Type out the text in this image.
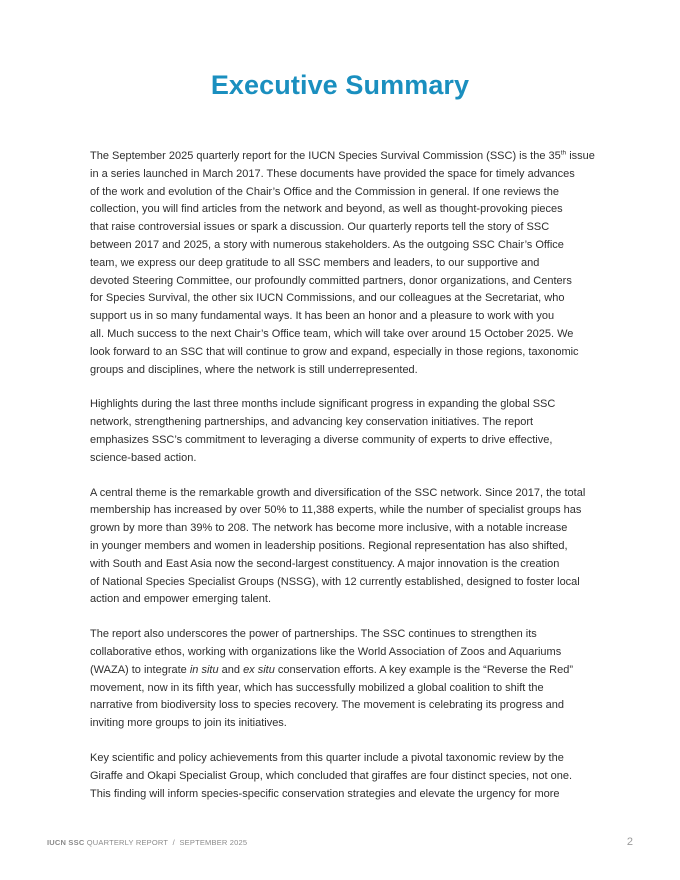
Executive Summary

The September 2025 quarterly report for the IUCN Species Survival Commission (SSC) is the 35th issue
in a series launched in March 2017. These documents have provided the space for timely advances
of the work and evolution of the Chair’s Office and the Commission in general. If one reviews the
collection, you will find articles from the network and beyond, as well as thought-provoking pieces
that raise controversial issues or spark a discussion. Our quarterly reports tell the story of SSC
between 2017 and 2025, a story with numerous stakeholders. As the outgoing SSC Chair’s Office
team, we express our deep gratitude to all SSC members and leaders, to our supportive and
devoted Steering Committee, our profoundly committed partners, donor organizations, and Centers
for Species Survival, the other six IUCN Commissions, and our colleagues at the Secretariat, who
support us in so many fundamental ways. It has been an honor and a pleasure to work with you
all. Much success to the next Chair’s Office team, which will take over around 15 October 2025. We
look forward to an SSC that will continue to grow and expand, especially in those regions, taxonomic
groups and disciplines, where the network is still underrepresented.

Highlights during the last three months include significant progress in expanding the global SSC
network, strengthening partnerships, and advancing key conservation initiatives. The report
emphasizes SSC’s commitment to leveraging a diverse community of experts to drive effective,
science-based action.

A central theme is the remarkable growth and diversification of the SSC network. Since 2017, the total
membership has increased by over 50% to 11,388 experts, while the number of specialist groups has
grown by more than 39% to 208. The network has become more inclusive, with a notable increase
in younger members and women in leadership positions. Regional representation has also shifted,
with South and East Asia now the second-largest constituency. A major innovation is the creation
of National Species Specialist Groups (NSSG), with 12 currently established, designed to foster local
action and empower emerging talent.

The report also underscores the power of partnerships. The SSC continues to strengthen its
collaborative ethos, working with organizations like the World Association of Zoos and Aquariums
(WAZA) to integrate in situ and ex situ conservation efforts. A key example is the “Reverse the Red”
movement, now in its fifth year, which has successfully mobilized a global coalition to shift the
narrative from biodiversity loss to species recovery. The movement is celebrating its progress and
inviting more groups to join its initiatives.

Key scientific and policy achievements from this quarter include a pivotal taxonomic review by the
Giraffe and Okapi Specialist Group, which concluded that giraffes are four distinct species, not one.
This finding will inform species-specific conservation strategies and elevate the urgency for more

IUCN SSC QUARTERLY REPORT / SEPTEMBER 2025	2
